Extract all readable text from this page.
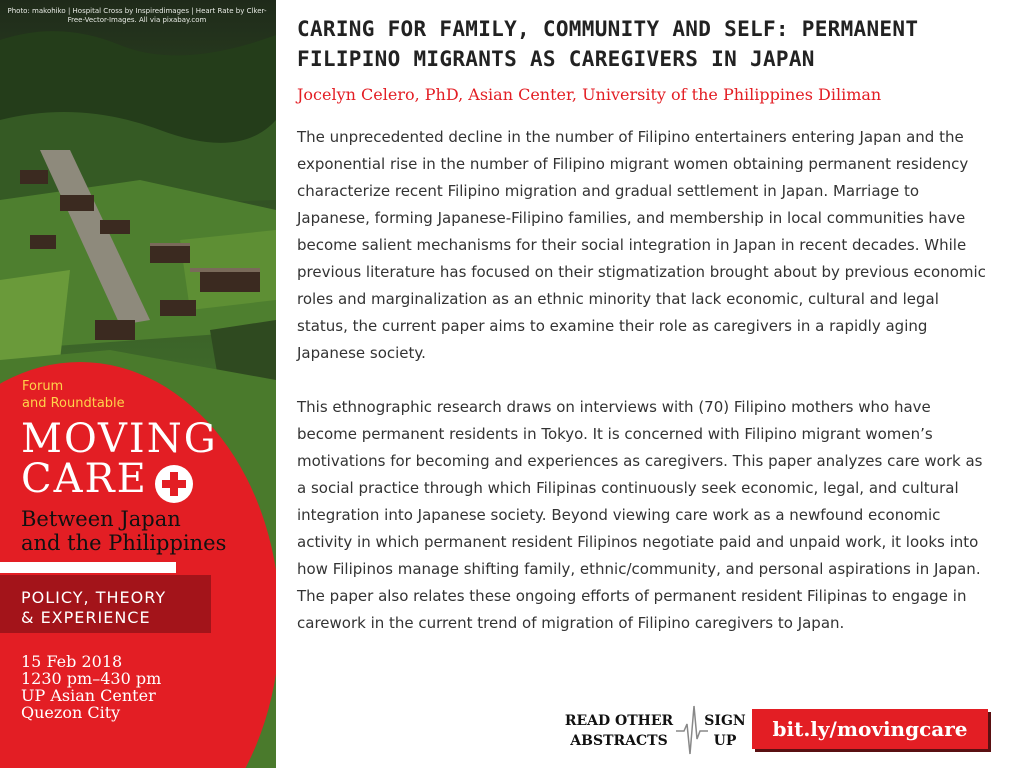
Photo: makohiko | Hospital Cross by Inspiredimages | Heart Rate by Clker-Free-Vector-Images. All via pixabay.com
Forum
and Roundtable
MOVING
CARE
Between Japan
and the Philippines
POLICY, THEORY
& EXPERIENCE
15 Feb 2018
1230 pm–430 pm
UP Asian Center
Quezon City
CARING FOR FAMILY, COMMUNITY AND SELF: PERMANENT FILIPINO MIGRANTS AS CAREGIVERS IN JAPAN
Jocelyn Celero, PhD, Asian Center, University of the Philippines Diliman

The unprecedented decline in the number of Filipino entertainers entering Japan and the exponential rise in the number of Filipino migrant women obtaining permanent residency characterize recent Filipino migration and gradual settlement in Japan. Marriage to Japanese, forming Japanese-Filipino families, and membership in local communities have become salient mechanisms for their social integration in Japan in recent decades. While previous literature has focused on their stigmatization brought about by previous economic roles and marginalization as an ethnic minority that lack economic, cultural and legal status, the current paper aims to examine their role as caregivers in a rapidly aging Japanese society.

This ethnographic research draws on interviews with (70) Filipino mothers who have become permanent residents in Tokyo. It is concerned with Filipino migrant women’s motivations for becoming and experiences as caregivers. This paper analyzes care work as a social practice through which Filipinas continuously seek economic, legal, and cultural integration into Japanese society. Beyond viewing care work as a newfound economic activity in which permanent resident Filipinos negotiate paid and unpaid work, it looks into how Filipinos manage shifting family, ethnic/community, and personal aspirations in Japan. The paper also relates these ongoing efforts of permanent resident Filipinas to engage in carework in the current trend of migration of Filipino caregivers to Japan.

READ OTHER
ABSTRACTS
SIGN
UP	bit.ly/movingcare
